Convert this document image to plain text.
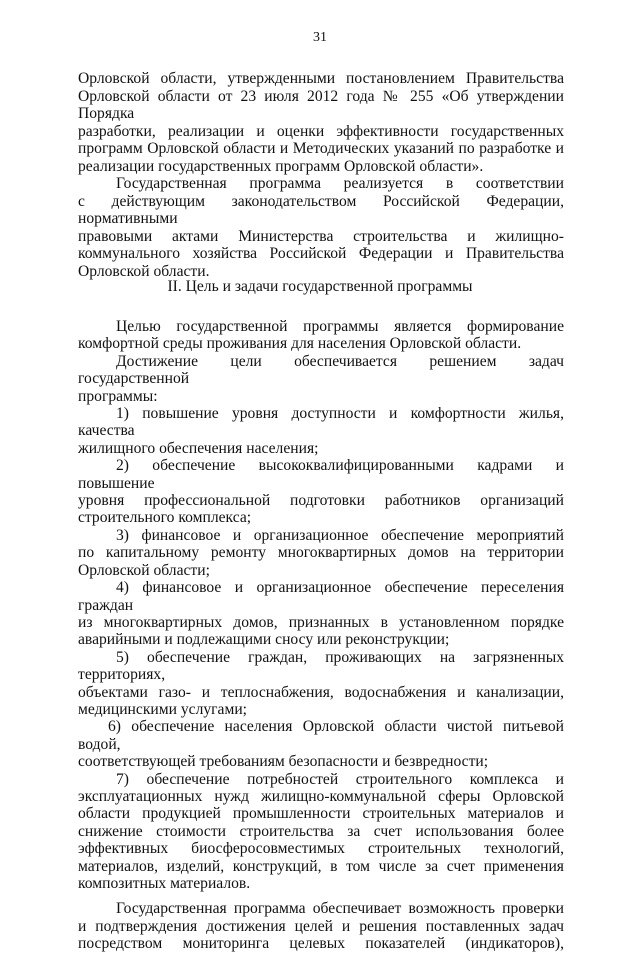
31

Орловской области, утвержденными постановлением Правительства

Орловской области от 23 июля 2012 года № 255 «Об утверждении Порядка

разработки, реализации и оценки эффективности государственных

программ Орловской области и Методических указаний по разработке и

реализации государственных программ Орловской области».

Государственная программа реализуется в соответствии

с действующим законодательством Российской Федерации, нормативными

правовыми актами Министерства строительства и жилищно-

коммунального хозяйства Российской Федерации и Правительства

Орловской области.

II. Цель и задачи государственной программы

Целью государственной программы является формирование

комфортной среды проживания для населения Орловской области.

Достижение цели обеспечивается решением задач государственной

программы:

1) повышение уровня доступности и комфортности жилья, качества

жилищного обеспечения населения;

2) обеспечение высококвалифицированными кадрами и повышение

уровня профессиональной подготовки работников организаций

строительного комплекса;

3) финансовое и организационное обеспечение мероприятий

по капитальному ремонту многоквартирных домов на территории

Орловской области;

4) финансовое и организационное обеспечение переселения граждан

из многоквартирных домов, признанных в установленном порядке

аварийными и подлежащими сносу или реконструкции;

5) обеспечение граждан, проживающих на загрязненных территориях,

объектами газо- и теплоснабжения, водоснабжения и канализации,

медицинскими услугами;

6) обеспечение населения Орловской области чистой питьевой водой,

соответствующей требованиям безопасности и безвредности;

7) обеспечение потребностей строительного комплекса и

эксплуатационных нужд жилищно-коммунальной сферы Орловской

области продукцией промышленности строительных материалов и

снижение стоимости строительства за счет использования более

эффективных биосферосовместимых строительных технологий,

материалов, изделий, конструкций, в том числе за счет применения

композитных материалов.

Государственная программа обеспечивает возможность проверки

и подтверждения достижения целей и решения поставленных задач

посредством мониторинга целевых показателей (индикаторов),
